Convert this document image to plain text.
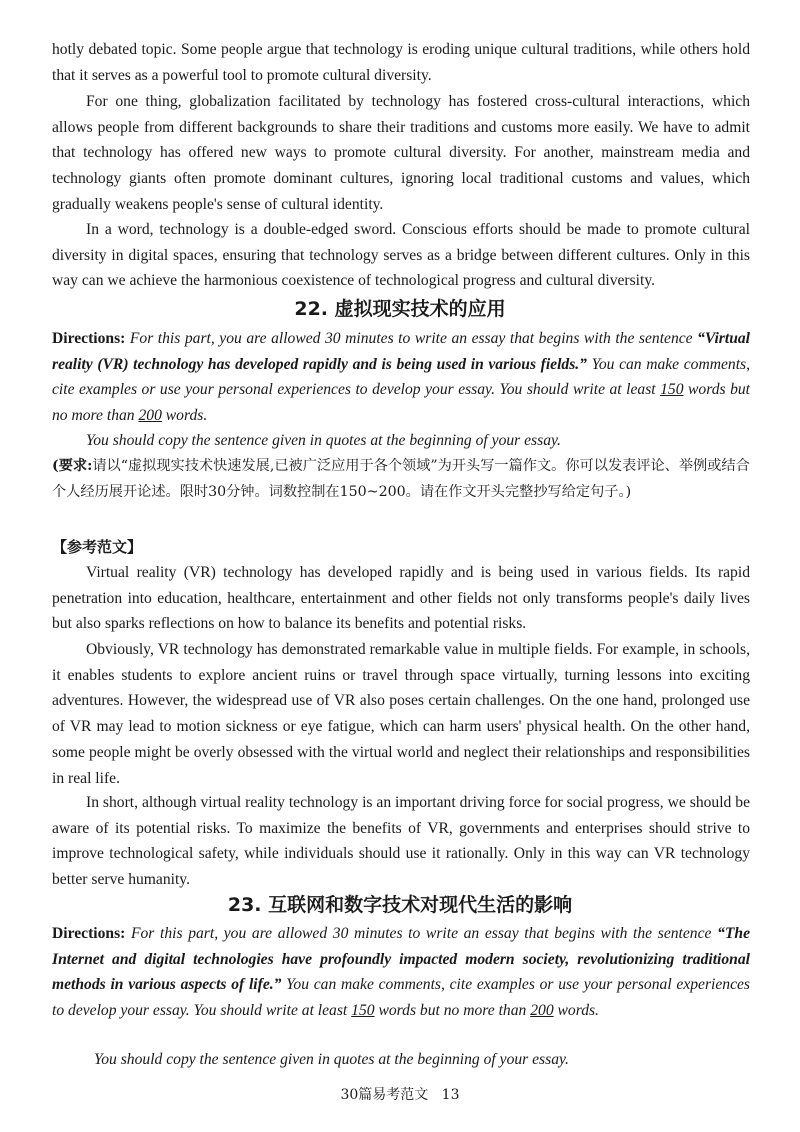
hotly debated topic. Some people argue that technology is eroding unique cultural traditions, while others hold that it serves as a powerful tool to promote cultural diversity.

For one thing, globalization facilitated by technology has fostered cross-cultural interactions, which allows people from different backgrounds to share their traditions and customs more easily. We have to admit that technology has offered new ways to promote cultural diversity. For another, mainstream media and technology giants often promote dominant cultures, ignoring local traditional customs and values, which gradually weakens people's sense of cultural identity.

In a word, technology is a double-edged sword. Conscious efforts should be made to promote cultural diversity in digital spaces, ensuring that technology serves as a bridge between different cultures. Only in this way can we achieve the harmonious coexistence of technological progress and cultural diversity.

22. 虚拟现实技术的应用

Directions: For this part, you are allowed 30 minutes to write an essay that begins with the sentence “Virtual reality (VR) technology has developed rapidly and is being used in various fields.” You can make comments, cite examples or use your personal experiences to develop your essay. You should write at least 150 words but no more than 200 words.

You should copy the sentence given in quotes at the beginning of your essay.

(要求:请以“虚拟现实技术快速发展,已被广泛应用于各个领域”为开头写一篇作文。你可以发表评论、举例或结合个人经历展开论述。限时30分钟。词数控制在150~200。请在作文开头完整抄写给定句子。)

【参考范文】

Virtual reality (VR) technology has developed rapidly and is being used in various fields. Its rapid penetration into education, healthcare, entertainment and other fields not only transforms people's daily lives but also sparks reflections on how to balance its benefits and potential risks.

Obviously, VR technology has demonstrated remarkable value in multiple fields. For example, in schools, it enables students to explore ancient ruins or travel through space virtually, turning lessons into exciting adventures. However, the widespread use of VR also poses certain challenges. On the one hand, prolonged use of VR may lead to motion sickness or eye fatigue, which can harm users' physical health. On the other hand, some people might be overly obsessed with the virtual world and neglect their relationships and responsibilities in real life.

In short, although virtual reality technology is an important driving force for social progress, we should be aware of its potential risks. To maximize the benefits of VR, governments and enterprises should strive to improve technological safety, while individuals should use it rationally. Only in this way can VR technology better serve humanity.

23. 互联网和数字技术对现代生活的影响

Directions: For this part, you are allowed 30 minutes to write an essay that begins with the sentence “The Internet and digital technologies have profoundly impacted modern society, revolutionizing traditional methods in various aspects of life.” You can make comments, cite examples or use your personal experiences to develop your essay. You should write at least 150 words but no more than 200 words.

You should copy the sentence given in quotes at the beginning of your essay.

30篇易考范文 13
